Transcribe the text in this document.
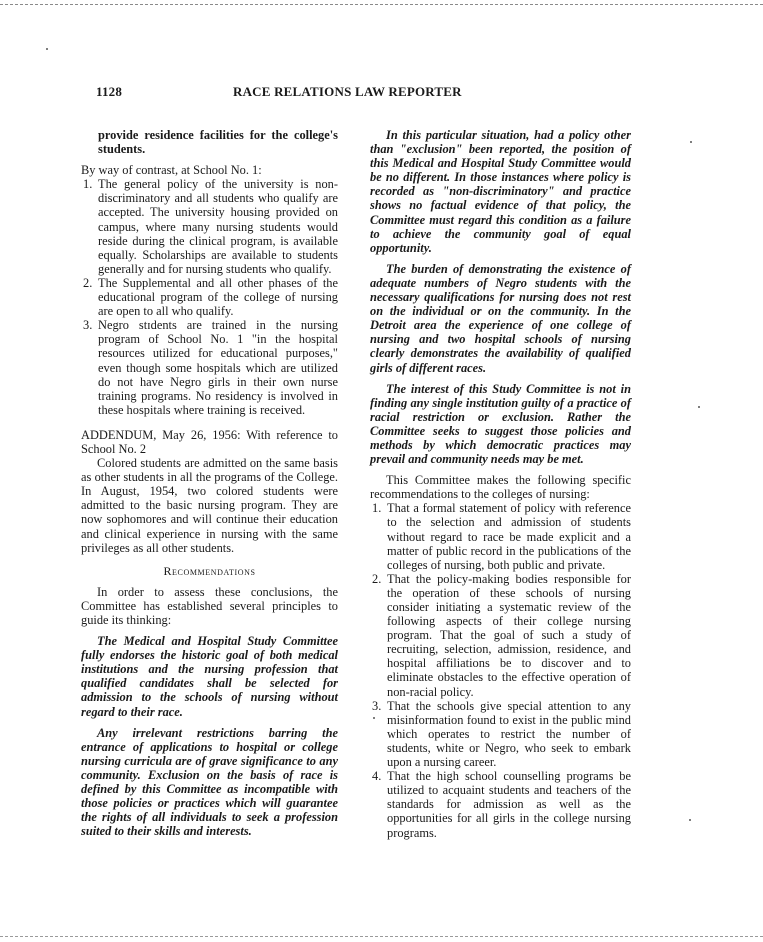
1128	RACE RELATIONS LAW REPORTER

provide residence facilities for the college's students.

By way of contrast, at School No. 1:

1. The general policy of the university is non-discriminatory and all students who qualify are accepted. The university housing provided on campus, where many nursing students would reside during the clinical program, is available equally. Scholarships are available to students generally and for nursing students who qualify.
2. The Supplemental and all other phases of the educational program of the college of nursing are open to all who qualify.
3. Negro stɪdents are trained in the nursing program of School No. 1 "in the hospital resources utilized for educational purposes," even though some hospitals which are utilized do not have Negro girls in their own nurse training programs. No residency is involved in these hospitals where training is received.

ADDENDUM, May 26, 1956: With reference to School No. 2

Colored students are admitted on the same basis as other students in all the programs of the College. In August, 1954, two colored students were admitted to the basic nursing program. They are now sophomores and will continue their education and clinical experience in nursing with the same privileges as all other students.

Recommendations

In order to assess these conclusions, the Committee has established several principles to guide its thinking:

The Medical and Hospital Study Committee fully endorses the historic goal of both medical institutions and the nursing profession that qualified candidates shall be selected for admission to the schools of nursing without regard to their race.

Any irrelevant restrictions barring the entrance of applications to hospital or college nursing curricula are of grave significance to any community. Exclusion on the basis of race is defined by this Committee as incompatible with those policies or practices which will guarantee the rights of all individuals to seek a profession suited to their skills and interests.

In this particular situation, had a policy other than "exclusion" been reported, the position of this Medical and Hospital Study Committee would be no different. In those instances where policy is recorded as "non-discriminatory" and practice shows no factual evidence of that policy, the Committee must regard this condition as a failure to achieve the community goal of equal opportunity.

The burden of demonstrating the existence of adequate numbers of Negro students with the necessary qualifications for nursing does not rest on the individual or on the community. In the Detroit area the experience of one college of nursing and two hospital schools of nursing clearly demonstrates the availability of qualified girls of different races.

The interest of this Study Committee is not in finding any single institution guilty of a practice of racial restriction or exclusion. Rather the Committee seeks to suggest those policies and methods by which democratic practices may prevail and community needs may be met.

This Committee makes the following specific recommendations to the colleges of nursing:

1. That a formal statement of policy with reference to the selection and admission of students without regard to race be made explicit and a matter of public record in the publications of the colleges of nursing, both public and private.
2. That the policy-making bodies responsible for the operation of these schools of nursing consider initiating a systematic review of the following aspects of their college nursing program. That the goal of such a study of recruiting, selection, admission, residence, and hospital affiliations be to discover and to eliminate obstacles to the effective operation of non-racial policy.
3. That the schools give special attention to any misinformation found to exist in the public mind which operates to restrict the number of students, white or Negro, who seek to embark upon a nursing career.
4. That the high school counselling programs be utilized to acquaint students and teachers of the standards for admission as well as the opportunities for all girls in the college nursing programs.
